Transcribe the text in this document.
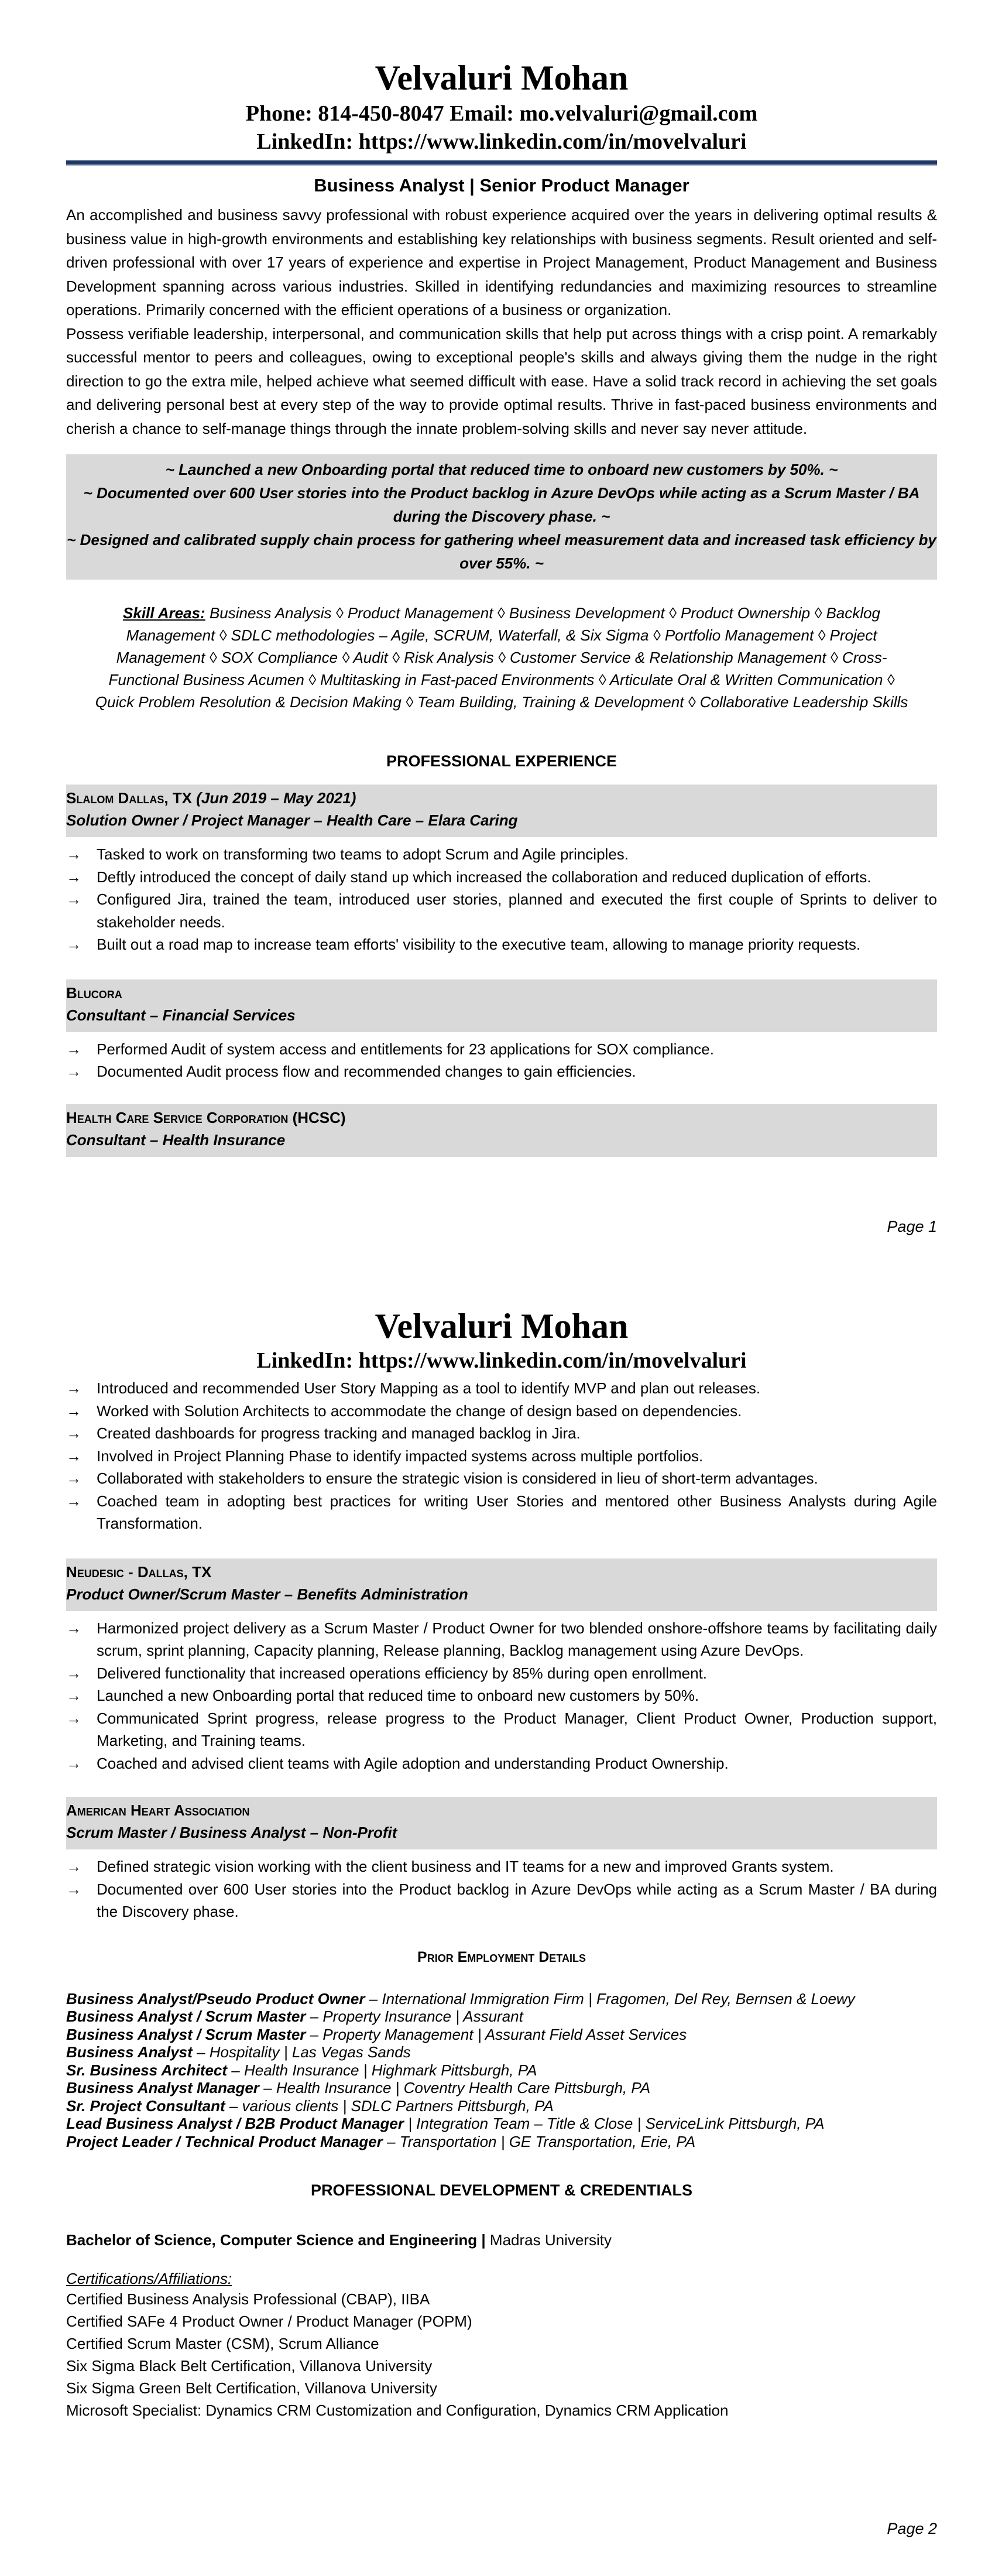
Velvaluri Mohan
Phone: 814-450-8047 Email: mo.velvaluri@gmail.com
LinkedIn: https://www.linkedin.com/in/movelvaluri
Business Analyst | Senior Product Manager

An accomplished and business savvy professional with robust experience acquired over the years in delivering optimal results & business value in high-growth environments and establishing key relationships with business segments. Result oriented and self-driven professional with over 17 years of experience and expertise in Project Management, Product Management and Business Development spanning across various industries. Skilled in identifying redundancies and maximizing resources to streamline operations. Primarily concerned with the efficient operations of a business or organization.

Possess verifiable leadership, interpersonal, and communication skills that help put across things with a crisp point. A remarkably successful mentor to peers and colleagues, owing to exceptional people's skills and always giving them the nudge in the right direction to go the extra mile, helped achieve what seemed difficult with ease. Have a solid track record in achieving the set goals and delivering personal best at every step of the way to provide optimal results. Thrive in fast-paced business environments and cherish a chance to self-manage things through the innate problem-solving skills and never say never attitude.

~ Launched a new Onboarding portal that reduced time to onboard new customers by 50%. ~
~ Documented over 600 User stories into the Product backlog in Azure DevOps while acting as a Scrum Master / BA during the Discovery phase. ~
~ Designed and calibrated supply chain process for gathering wheel measurement data and increased task efficiency by over 55%. ~
Skill Areas: Business Analysis ◊ Product Management ◊ Business Development ◊ Product Ownership ◊ Backlog Management ◊ SDLC methodologies – Agile, SCRUM, Waterfall, & Six Sigma ◊ Portfolio Management ◊ Project Management ◊ SOX Compliance ◊ Audit ◊ Risk Analysis ◊ Customer Service & Relationship Management ◊ Cross-Functional Business Acumen ◊ Multitasking in Fast-paced Environments ◊ Articulate Oral & Written Communication ◊ Quick Problem Resolution & Decision Making ◊ Team Building, Training & Development ◊ Collaborative Leadership Skills
PROFESSIONAL EXPERIENCE
Slalom Dallas, TX (Jun 2019 – May 2021)
Solution Owner / Project Manager – Health Care – Elara Caring
→ Tasked to work on transforming two teams to adopt Scrum and Agile principles.
→ Deftly introduced the concept of daily stand up which increased the collaboration and reduced duplication of efforts.
→ Configured Jira, trained the team, introduced user stories, planned and executed the first couple of Sprints to deliver to stakeholder needs.
→ Built out a road map to increase team efforts' visibility to the executive team, allowing to manage priority requests.
Blucora
Consultant – Financial Services
→ Performed Audit of system access and entitlements for 23 applications for SOX compliance.
→ Documented Audit process flow and recommended changes to gain efficiencies.
Health Care Service Corporation (HCSC)
Consultant – Health Insurance
Page 1
Velvaluri Mohan
LinkedIn: https://www.linkedin.com/in/movelvaluri
→ Introduced and recommended User Story Mapping as a tool to identify MVP and plan out releases.
→ Worked with Solution Architects to accommodate the change of design based on dependencies.
→ Created dashboards for progress tracking and managed backlog in Jira.
→ Involved in Project Planning Phase to identify impacted systems across multiple portfolios.
→ Collaborated with stakeholders to ensure the strategic vision is considered in lieu of short-term advantages.
→ Coached team in adopting best practices for writing User Stories and mentored other Business Analysts during Agile Transformation.
Neudesic - Dallas, TX
Product Owner/Scrum Master – Benefits Administration
→ Harmonized project delivery as a Scrum Master / Product Owner for two blended onshore-offshore teams by facilitating daily scrum, sprint planning, Capacity planning, Release planning, Backlog management using Azure DevOps.
→ Delivered functionality that increased operations efficiency by 85% during open enrollment.
→ Launched a new Onboarding portal that reduced time to onboard new customers by 50%.
→ Communicated Sprint progress, release progress to the Product Manager, Client Product Owner, Production support, Marketing, and Training teams.
→ Coached and advised client teams with Agile adoption and understanding Product Ownership.
American Heart Association
Scrum Master / Business Analyst – Non-Profit
→ Defined strategic vision working with the client business and IT teams for a new and improved Grants system.
→ Documented over 600 User stories into the Product backlog in Azure DevOps while acting as a Scrum Master / BA during the Discovery phase.
Prior Employment Details
Business Analyst/Pseudo Product Owner – International Immigration Firm | Fragomen, Del Rey, Bernsen & Loewy
Business Analyst / Scrum Master – Property Insurance | Assurant
Business Analyst / Scrum Master – Property Management | Assurant Field Asset Services
Business Analyst – Hospitality | Las Vegas Sands
Sr. Business Architect – Health Insurance | Highmark Pittsburgh, PA
Business Analyst Manager – Health Insurance | Coventry Health Care Pittsburgh, PA
Sr. Project Consultant – various clients | SDLC Partners Pittsburgh, PA
Lead Business Analyst / B2B Product Manager | Integration Team – Title & Close | ServiceLink Pittsburgh, PA
Project Leader / Technical Product Manager – Transportation | GE Transportation, Erie, PA
PROFESSIONAL DEVELOPMENT & CREDENTIALS
Bachelor of Science, Computer Science and Engineering | Madras University
Certifications/Affiliations:
Certified Business Analysis Professional (CBAP), IIBA
Certified SAFe 4 Product Owner / Product Manager (POPM)
Certified Scrum Master (CSM), Scrum Alliance
Six Sigma Black Belt Certification, Villanova University
Six Sigma Green Belt Certification, Villanova University
Microsoft Specialist: Dynamics CRM Customization and Configuration, Dynamics CRM Application
Page 2
